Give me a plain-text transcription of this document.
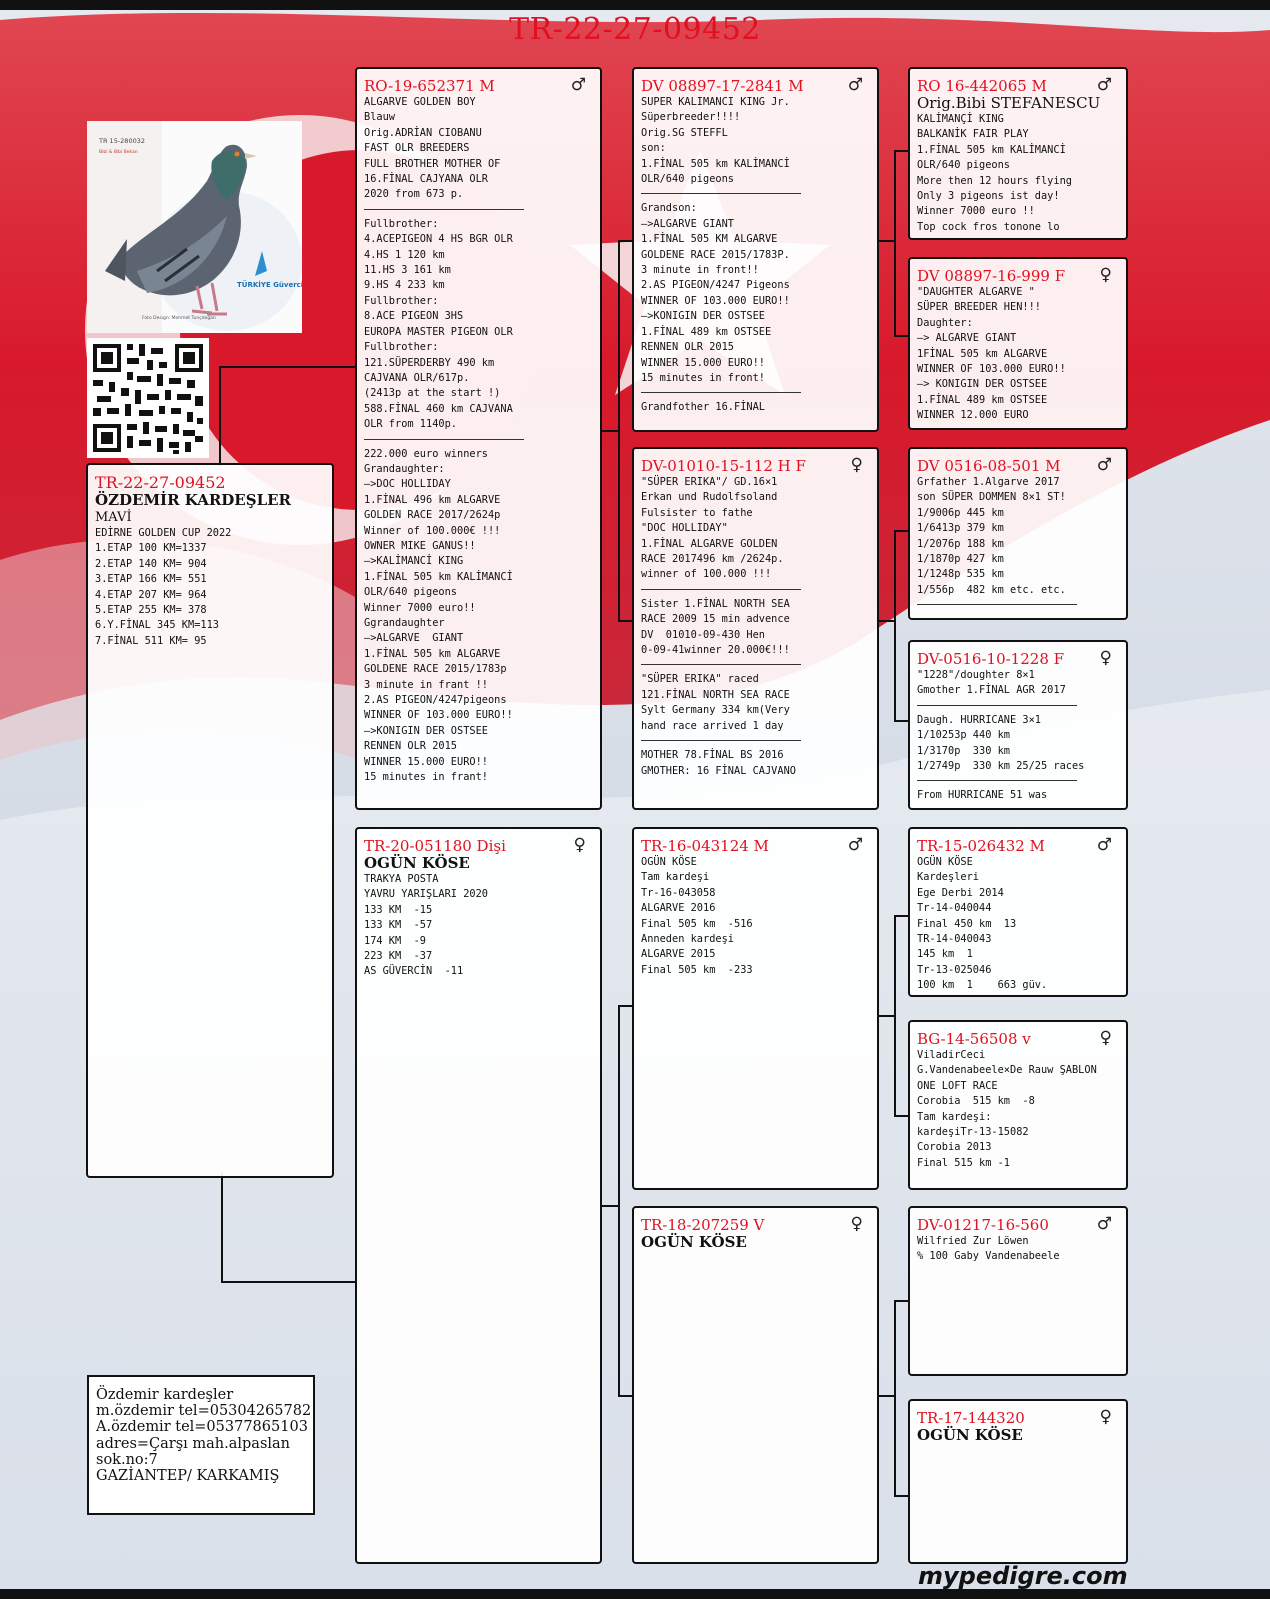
TR-22-27-09452
TR 15-280032
Bibi & Bibi Bekan
TÜRKİYE Güvercin
Foto Design: Mehmet Tunçdoğan
TR-22-27-09452
ÖZDEMİR KARDEŞLER
MAVİ
EDİRNE GOLDEN CUP 2022
1.ETAP 100 KM=1337
2.ETAP 140 KM= 904
3.ETAP 166 KM= 551
4.ETAP 207 KM= 964
5.ETAP 255 KM= 378
6.Y.FİNAL 345 KM=113
7.FİNAL 511 KM= 95
RO-19-652371 M	♂
ALGARVE GOLDEN BOY
Blauw
Orig.ADRİAN CIOBANU
FAST OLR BREEDERS
FULL BROTHER MOTHER OF
16.FİNAL CAJYANA OLR
2020 from 673 p.
Fullbrother:
4.ACEPIGEON 4 HS BGR OLR
4.HS 1 120 km
11.HS 3 161 km
9.HS 4 233 km
Fullbrother:
8.ACE PIGEON 3HS
EUROPA MASTER PIGEON OLR
Fullbrother:
121.SÜPERDERBY 490 km
CAJVANA OLR/617p.
(2413p at the start !)
588.FİNAL 460 km CAJVANA
OLR from 1140p.
222.000 euro winners
Grandaughter:
—>DOC HOLLIDAY
1.FİNAL 496 km ALGARVE
GOLDEN RACE 2017/2624p
Winner of 100.000€ !!!
OWNER MIKE GANUS!!
—>KALİMANCİ KING
1.FİNAL 505 km KALİMANCİ
OLR/640 pigeons
Winner 7000 euro!!
Ggrandaughter
—>ALGARVE  GIANT
1.FİNAL 505 km ALGARVE
GOLDENE RACE 2015/1783p
3 minute in frant !!
2.AS PIGEON/4247pigeons
WINNER OF 103.000 EURO!!
—>KONIGIN DER OSTSEE
RENNEN OLR 2015
WINNER 15.000 EURO!!
15 minutes in frant!
TR-20-051180 Dişi	♀
OGÜN KÖSE
TRAKYA POSTA
YAVRU YARIŞLARI 2020
133 KM  -15
133 KM  -57
174 KM  -9
223 KM  -37
AS GÜVERCİN  -11
DV 08897-17-2841 M	♂
SUPER KALIMANCI KING Jr.
Süperbreeder!!!!
Orig.SG STEFFL
son:
1.FİNAL 505 km KALİMANCİ
OLR/640 pigeons
Grandson:
—>ALGARVE GIANT
1.FİNAL 505 KM ALGARVE
GOLDENE RACE 2015/1783P.
3 minute in front!!
2.AS PIGEON/4247 Pigeons
WINNER OF 103.000 EURO!!
—>KONIGIN DER OSTSEE
1.FİNAL 489 km OSTSEE
RENNEN OLR 2015
WINNER 15.000 EURO!!
15 minutes in front!
Grandfother 16.FİNAL
DV-01010-15-112 H F	♀
"SÜPER ERIKA"/ GD.16×1
Erkan und Rudolfsoland
Fulsister to fathe
"DOC HOLLIDAY"
1.FİNAL ALGARVE GOLDEN
RACE 2017496 km /2624p.
winner of 100.000 !!!
Sister 1.FİNAL NORTH SEA
RACE 2009 15 min advence
DV  01010-09-430 Hen
0-09-41winner 20.000€!!!
"SÜPER ERIKA" raced
121.FİNAL NORTH SEA RACE
Sylt Germany 334 km(Very
hand race arrived 1 day
MOTHER 78.FİNAL BS 2016
GMOTHER: 16 FİNAL CAJVANO
TR-16-043124 M	♂
OGÜN KÖSE
Tam kardeşi
Tr-16-043058
ALGARVE 2016
Final 505 km  -516
Anneden kardeşi
ALGARVE 2015
Final 505 km  -233
TR-18-207259 V	♀
OGÜN KÖSE
RO 16-442065 M	♂
Orig.Bibi STEFANESCU
KALİMANÇİ KING
BALKANİK FAIR PLAY
1.FİNAL 505 km KALİMANCİ
OLR/640 pigeons
More then 12 hours flying
Only 3 pigeons ist day!
Winner 7000 euro !!
Top cock fros tonone lo
DV 08897-16-999 F	♀
"DAUGHTER ALGARVE "
SÜPER BREEDER HEN!!!
Daughter:
—> ALGARVE GIANT
1FİNAL 505 km ALGARVE
WINNER OF 103.000 EURO!!
—> KONIGIN DER OSTSEE
1.FİNAL 489 km OSTSEE
WINNER 12.000 EURO
DV 0516-08-501 M	♂
Grfather 1.Algarve 2017
son SÜPER DOMMEN 8×1 ST!
1/9006p 445 km
1/6413p 379 km
1/2076p 188 km
1/1870p 427 km
1/1248p 535 km
1/556p  482 km etc. etc.
DV-0516-10-1228 F	♀
"1228"/doughter 8×1
Gmother 1.FİNAL AGR 2017
Daugh. HURRICANE 3×1
1/10253p 440 km
1/3170p  330 km
1/2749p  330 km 25/25 races
From HURRICANE 51 was
TR-15-026432 M	♂
OGÜN KÖSE
Kardeşleri
Ege Derbi 2014
Tr-14-040044
Final 450 km  13
TR-14-040043
145 km  1
Tr-13-025046
100 km  1    663 güv.
BG-14-56508 v	♀
ViladirCeci
G.Vandenabeele×De Rauw ŞABLON
ONE LOFT RACE
Corobia  515 km  -8
Tam kardeşi:
kardeşiTr-13-15082
Corobia 2013
Final 515 km -1
DV-01217-16-560	♂
Wilfried Zur Löwen
% 100 Gaby Vandenabeele
TR-17-144320	♀
OGÜN KÖSE
Özdemir kardeşler
m.özdemir tel=05304265782
A.özdemir tel=05377865103
adres=Çarşı mah.alpaslan
sok.no:7
GAZİANTEP/ KARKAMIŞ
mypedigre.com
